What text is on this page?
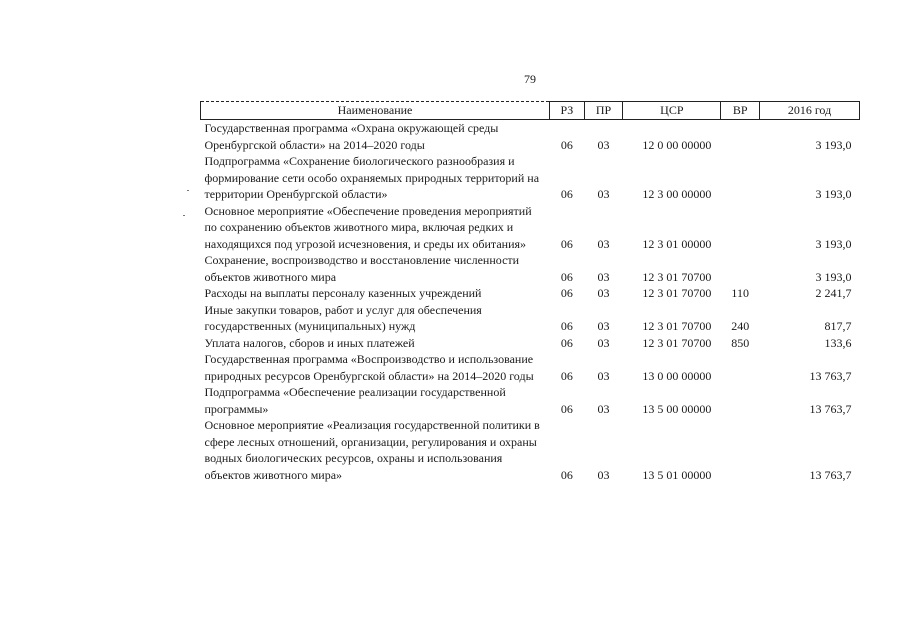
79
Наименование	РЗ	ПР	ЦСР	ВР	2016 год
Государственная программа «Охрана окружающей среды Оренбургской области» на 2014–2020 годы	06	03	12 0 00 00000		3 193,0
Подпрограмма «Сохранение биологического разнообразия и формирование сети особо охраняемых природных территорий на территории Оренбургской области»	06	03	12 3 00 00000		3 193,0
Основное мероприятие «Обеспечение проведения мероприятий по сохранению объектов животного мира, включая редких и находящихся под угрозой исчезновения, и среды их обитания»	06	03	12 3 01 00000		3 193,0
Сохранение, воспроизводство и восстановление численности объектов животного мира	06	03	12 3 01 70700		3 193,0
Расходы на выплаты персоналу казенных учреждений	06	03	12 3 01 70700	110	2 241,7
Иные закупки товаров, работ и услуг для обеспечения государственных (муниципальных) нужд	06	03	12 3 01 70700	240	817,7
Уплата налогов, сборов и иных платежей	06	03	12 3 01 70700	850	133,6
Государственная программа «Воспроизводство и использование природных ресурсов Оренбургской области» на 2014–2020 годы	06	03	13 0 00 00000		13 763,7
Подпрограмма «Обеспечение реализации государственной программы»	06	03	13 5 00 00000		13 763,7
Основное мероприятие «Реализация государственной политики в сфере лесных отношений, организации, регулирования и охраны водных биологических ресурсов, охраны и использования объектов животного мира»	06	03	13 5 01 00000		13 763,7
